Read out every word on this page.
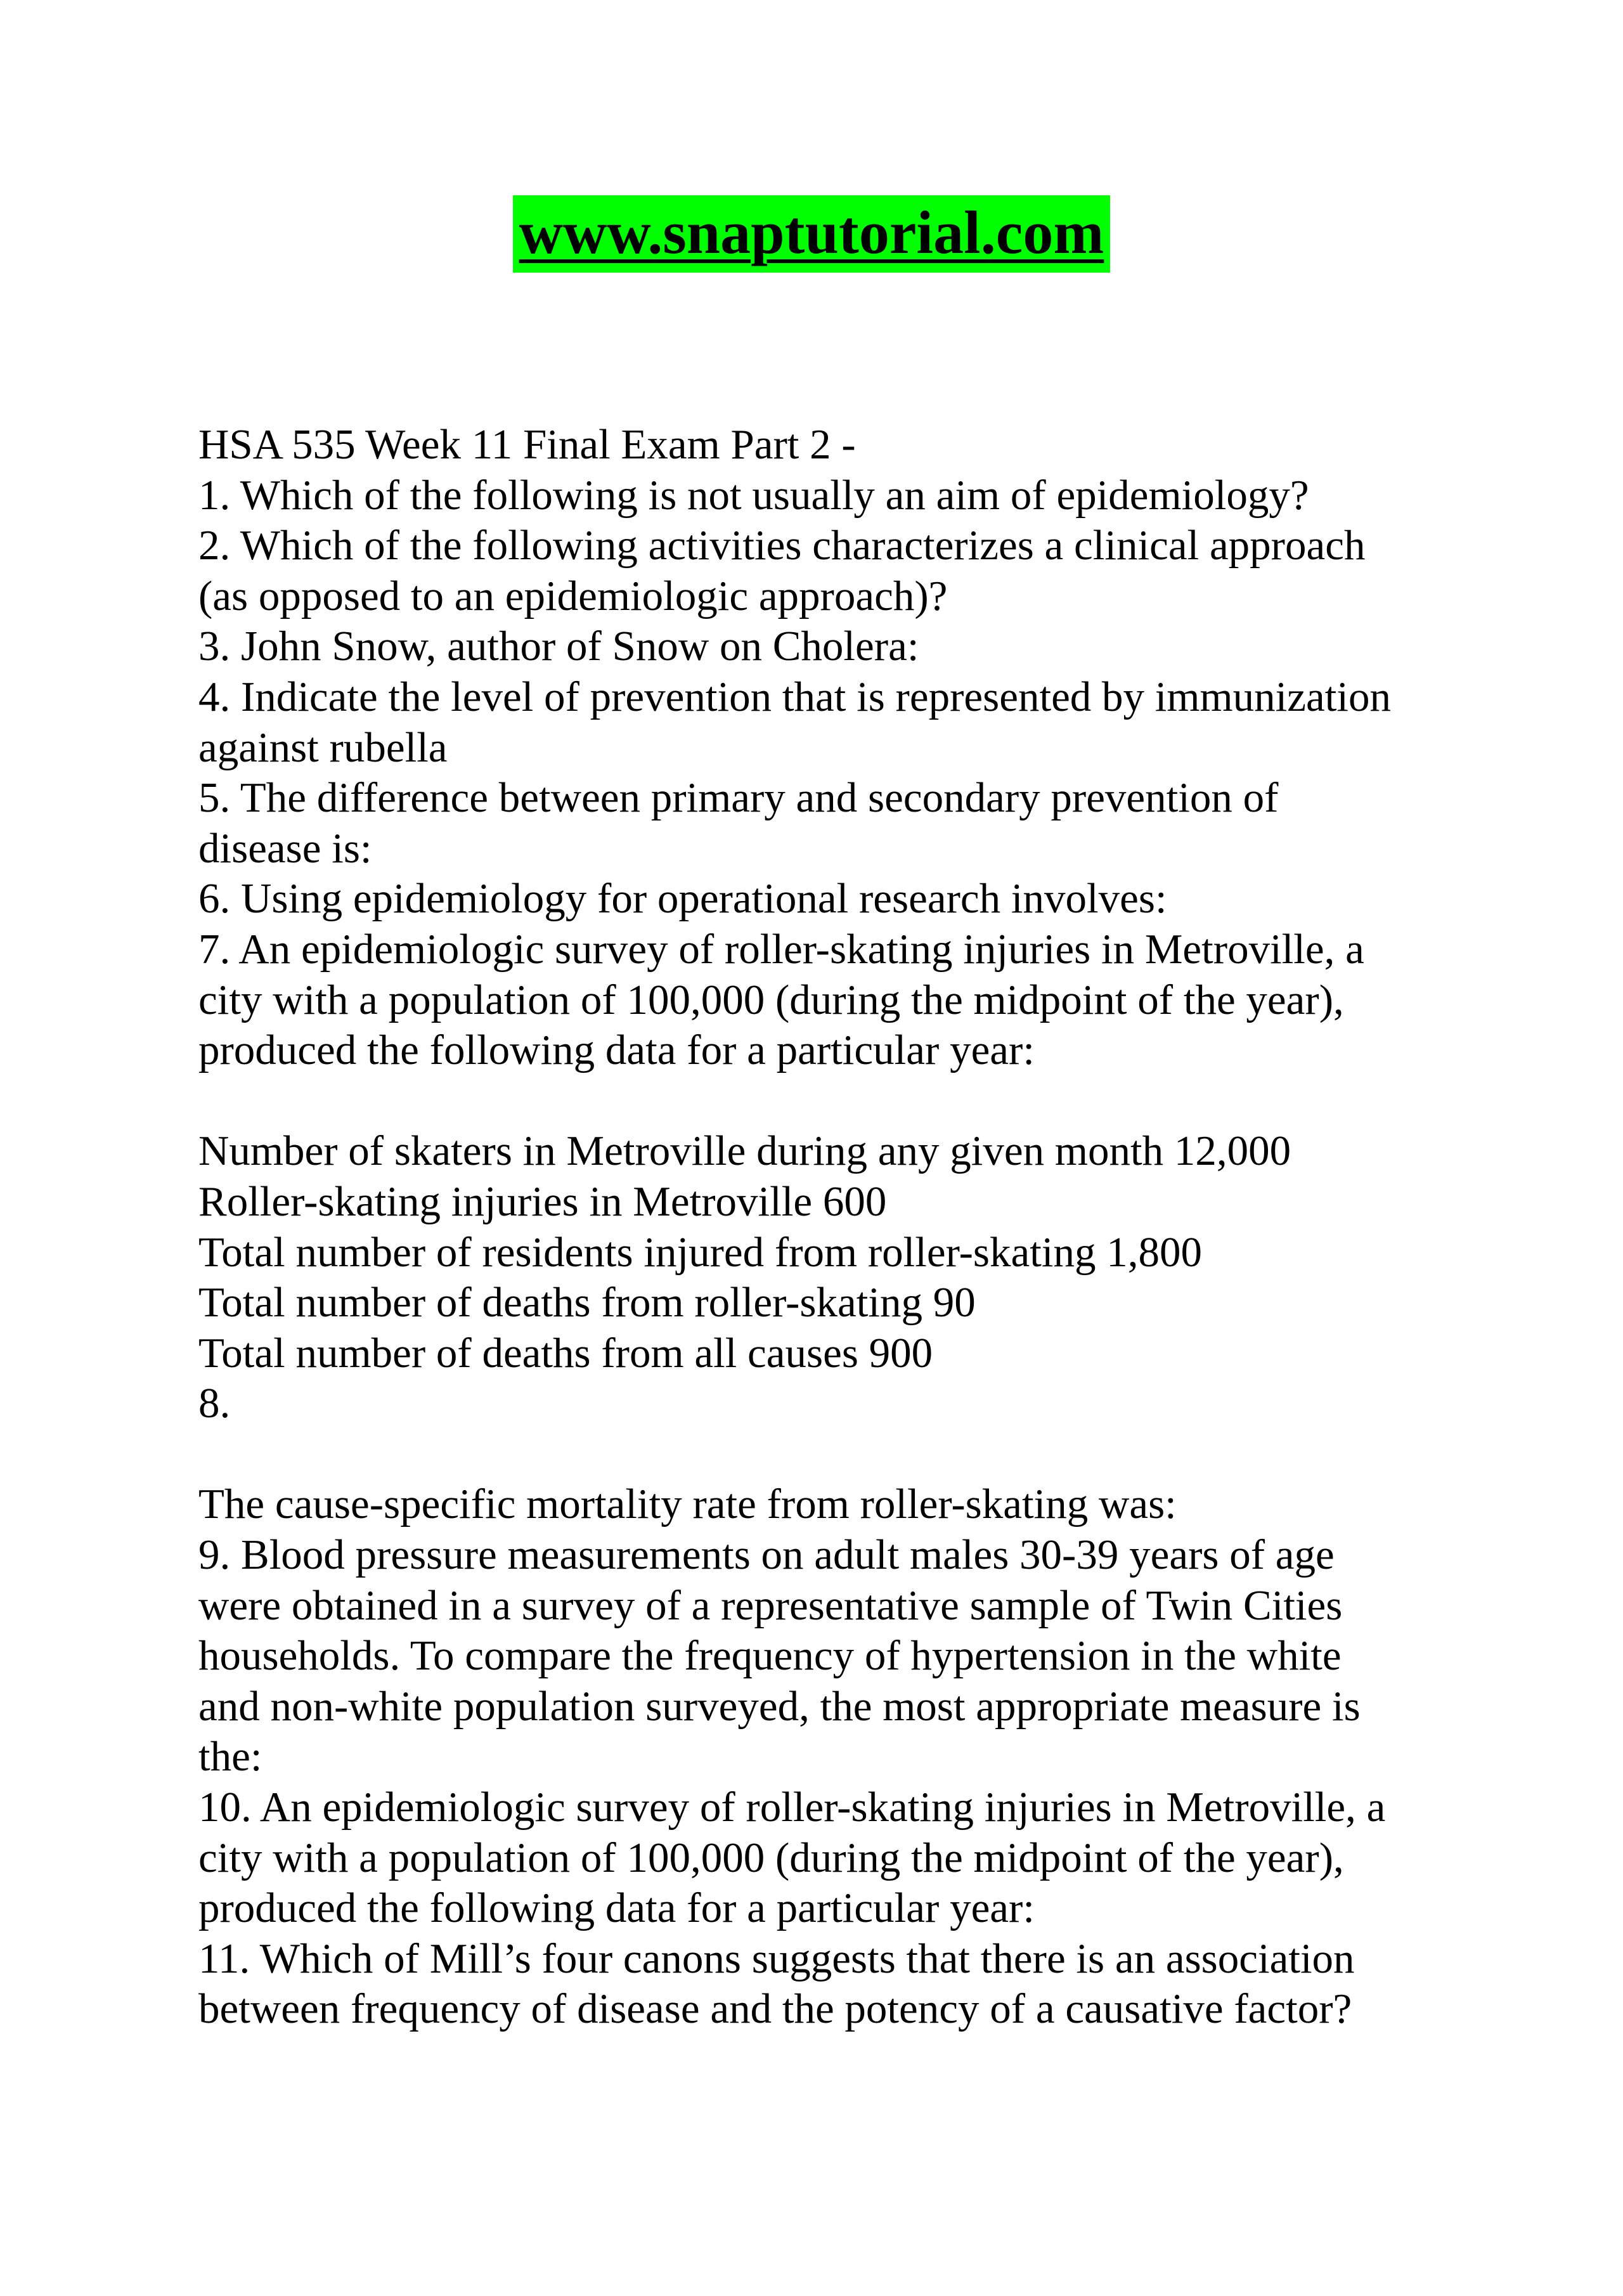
www.snaptutorial.com
HSA 535 Week 11 Final Exam Part 2 -
1. Which of the following is not usually an aim of epidemiology?
2. Which of the following activities characterizes a clinical approach
(as opposed to an epidemiologic approach)?
3. John Snow, author of Snow on Cholera:
4. Indicate the level of prevention that is represented by immunization
against rubella
5. The difference between primary and secondary prevention of
disease is:
6. Using epidemiology for operational research involves:
7. An epidemiologic survey of roller-skating injuries in Metroville, a
city with a population of 100,000 (during the midpoint of the year),
produced the following data for a particular year:
Number of skaters in Metroville during any given month 12,000
Roller-skating injuries in Metroville 600
Total number of residents injured from roller-skating 1,800
Total number of deaths from roller-skating 90
Total number of deaths from all causes 900
8.
The cause-specific mortality rate from roller-skating was:
9. Blood pressure measurements on adult males 30-39 years of age
were obtained in a survey of a representative sample of Twin Cities
households. To compare the frequency of hypertension in the white
and non-white population surveyed, the most appropriate measure is
the:
10. An epidemiologic survey of roller-skating injuries in Metroville, a
city with a population of 100,000 (during the midpoint of the year),
produced the following data for a particular year:
11. Which of Mill’s four canons suggests that there is an association
between frequency of disease and the potency of a causative factor?
